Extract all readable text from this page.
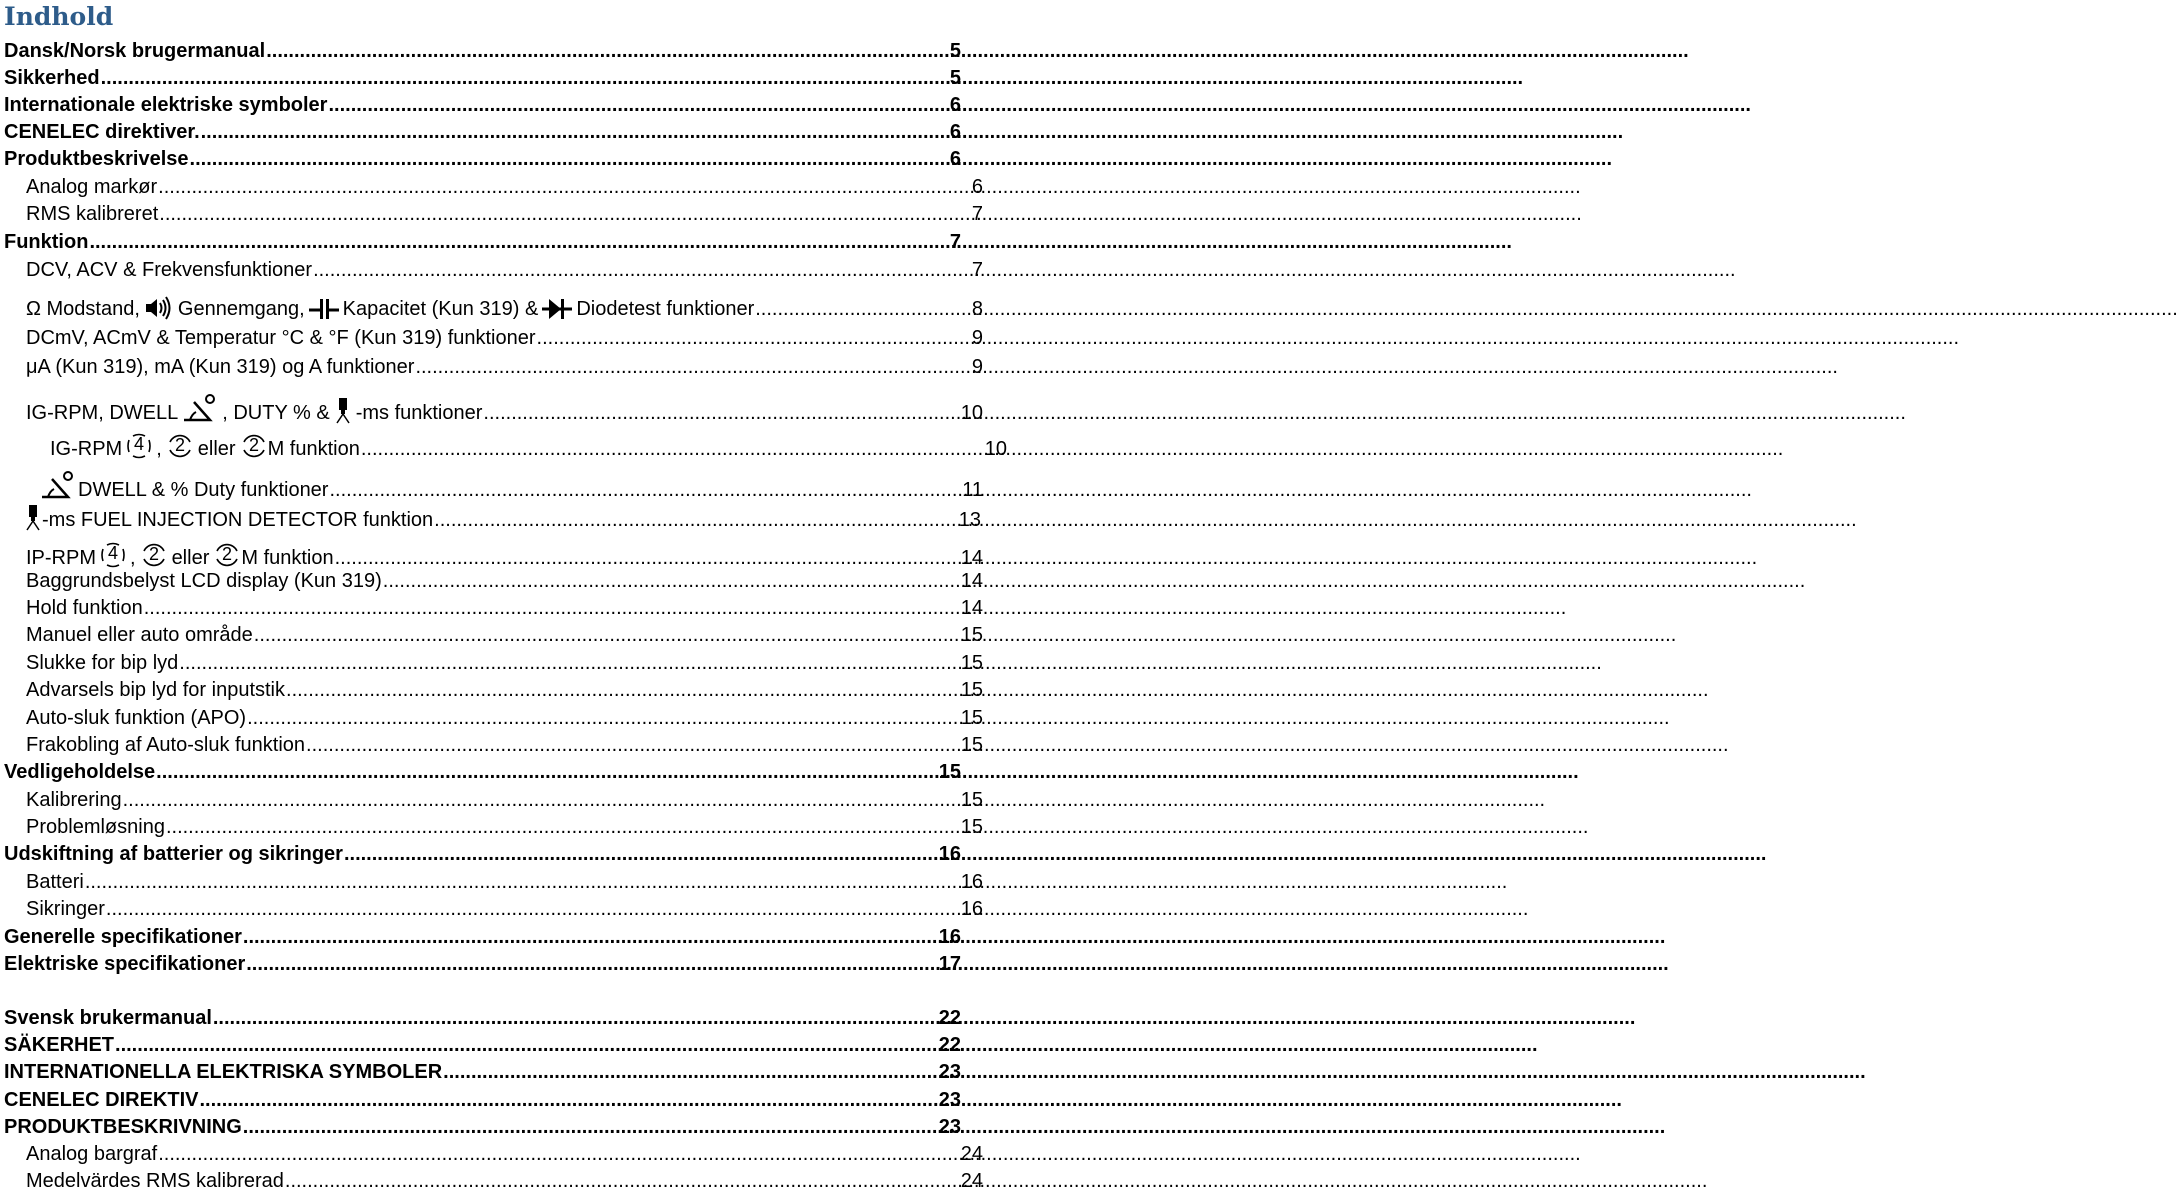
Indhold
Dansk/Norsk brugermanual .....	5
Sikkerhed .....	5
Internationale elektriske symboler .....	6
CENELEC direktiver. .....	6
Produktbeskrivelse .....	6
Analog markør .....	6
RMS kalibreret .....	7
Funktion .....	7
DCV, ACV & Frekvensfunktioner .....	7
Ω Modstand, Gennemgang, Kapacitet (Kun 319) & Diodetest funktioner .....	8
DCmV, ACmV & Temperatur °C & °F (Kun 319) funktioner .....	9
μA (Kun 319), mA (Kun 319) og A funktioner .....	9
IG-RPM, DWELL , DUTY % & -ms funktioner .....	10
IG-RPM 4 , 2 eller 2 M funktion .....	10
DWELL & % Duty funktioner .....	11
-ms FUEL INJECTION DETECTOR funktion .....	13
IP-RPM 4 , 2 eller 2 M funktion .....	14
Baggrundsbelyst LCD display (Kun 319) .....	14
Hold funktion .....	14
Manuel eller auto område .....	15
Slukke for bip lyd .....	15
Advarsels bip lyd for inputstik .....	15
Auto-sluk funktion (APO) .....	15
Frakobling af Auto-sluk funktion .....	15
Vedligeholdelse .....	15
Kalibrering .....	15
Problemløsning .....	15
Udskiftning af batterier og sikringer .....	16
Batteri .....	16
Sikringer .....	16
Generelle specifikationer .....	16
Elektriske specifikationer .....	17
Svensk brukermanual .....	22
SÄKERHET .....	22
INTERNATIONELLA ELEKTRISKA SYMBOLER .....	23
CENELEC DIREKTIV .....	23
PRODUKTBESKRIVNING .....	23
Analog bargraf .....	24
Medelvärdes RMS kalibrerad .....	24
